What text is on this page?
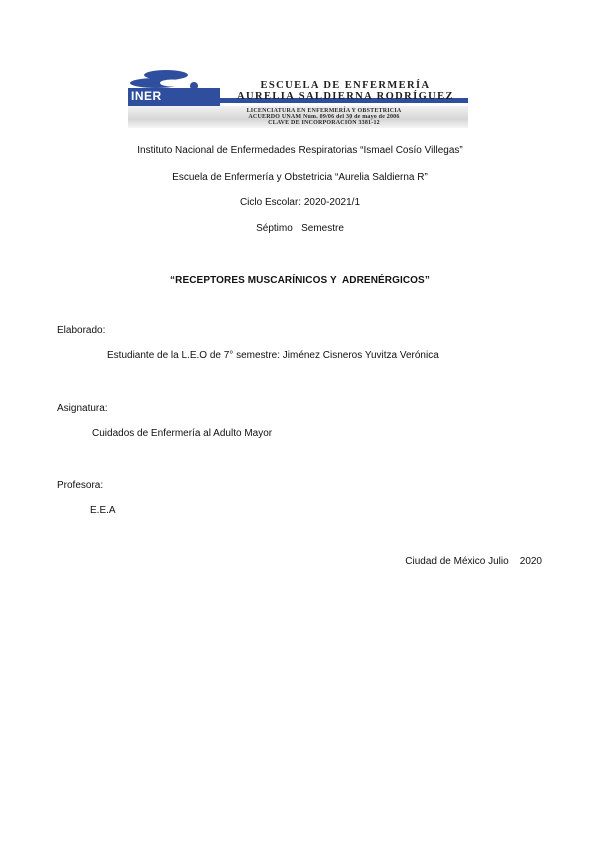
INER
ESCUELA DE ENFERMERÍA
AURELIA SALDIERNA RODRÍGUEZ
LICENCIATURA EN ENFERMERÍA Y OBSTETRICIA
ACUERDO UNAM Núm. 09/06 del 30 de mayo de 2006
CLAVE DE INCORPORACIÓN 3381-12
Instituto Nacional de Enfermedades Respiratorias “Ismael Cosío Villegas”
Escuela de Enfermería y Obstetricia “Aurelia Saldierna R”
Ciclo Escolar: 2020-2021/1
Séptimo   Semestre
“RECEPTORES MUSCARÍNICOS Y  ADRENÉRGICOS”
Elaborado:
Estudiante de la L.E.O de 7° semestre: Jiménez Cisneros Yuvitza Verónica
Asignatura:
Cuidados de Enfermería al Adulto Mayor
Profesora:
E.E.A
Ciudad de México Julio    2020
